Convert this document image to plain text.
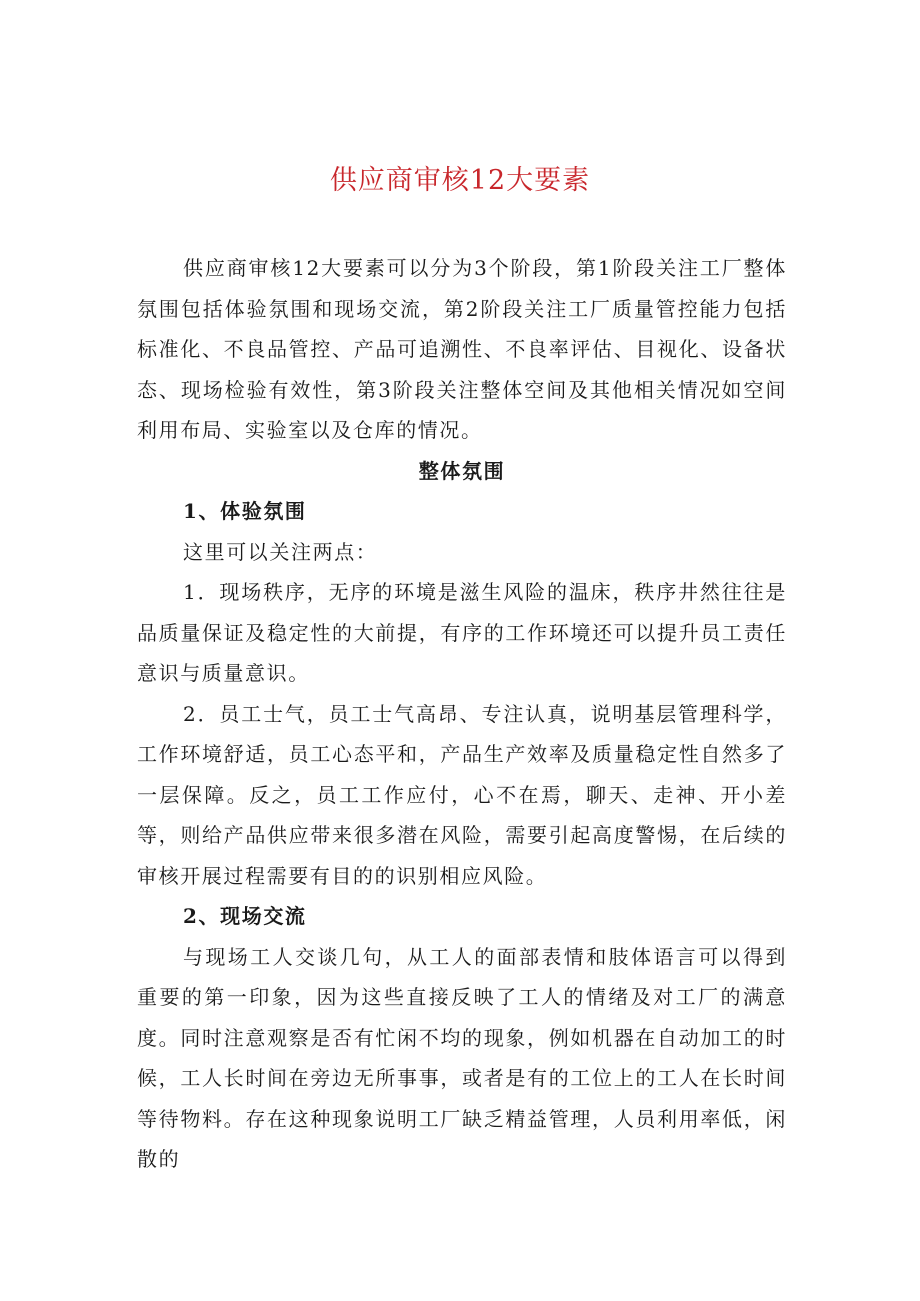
供应商审核12大要素

供应商审核12大要素可以分为3个阶段，第1阶段关注工厂整体氛围包括体验氛围和现场交流，第2阶段关注工厂质量管控能力包括标准化、不良品管控、产品可追溯性、不良率评估、目视化、设备状态、现场检验有效性，第3阶段关注整体空间及其他相关情况如空间利用布局、实验室以及仓库的情况。

整体氛围

1、体验氛围

这里可以关注两点：

1．现场秩序，无序的环境是滋生风险的温床，秩序井然往往是品质量保证及稳定性的大前提，有序的工作环境还可以提升员工责任意识与质量意识。

2．员工士气，员工士气高昂、专注认真，说明基层管理科学，工作环境舒适，员工心态平和，产品生产效率及质量稳定性自然多了一层保障。反之，员工工作应付，心不在焉，聊天、走神、开小差等，则给产品供应带来很多潜在风险，需要引起高度警惕，在后续的审核开展过程需要有目的的识别相应风险。

2、现场交流

与现场工人交谈几句，从工人的面部表情和肢体语言可以得到重要的第一印象，因为这些直接反映了工人的情绪及对工厂的满意度。同时注意观察是否有忙闲不均的现象，例如机器在自动加工的时候，工人长时间在旁边无所事事，或者是有的工位上的工人在长时间等待物料。存在这种现象说明工厂缺乏精益管理，人员利用率低，闲散的
